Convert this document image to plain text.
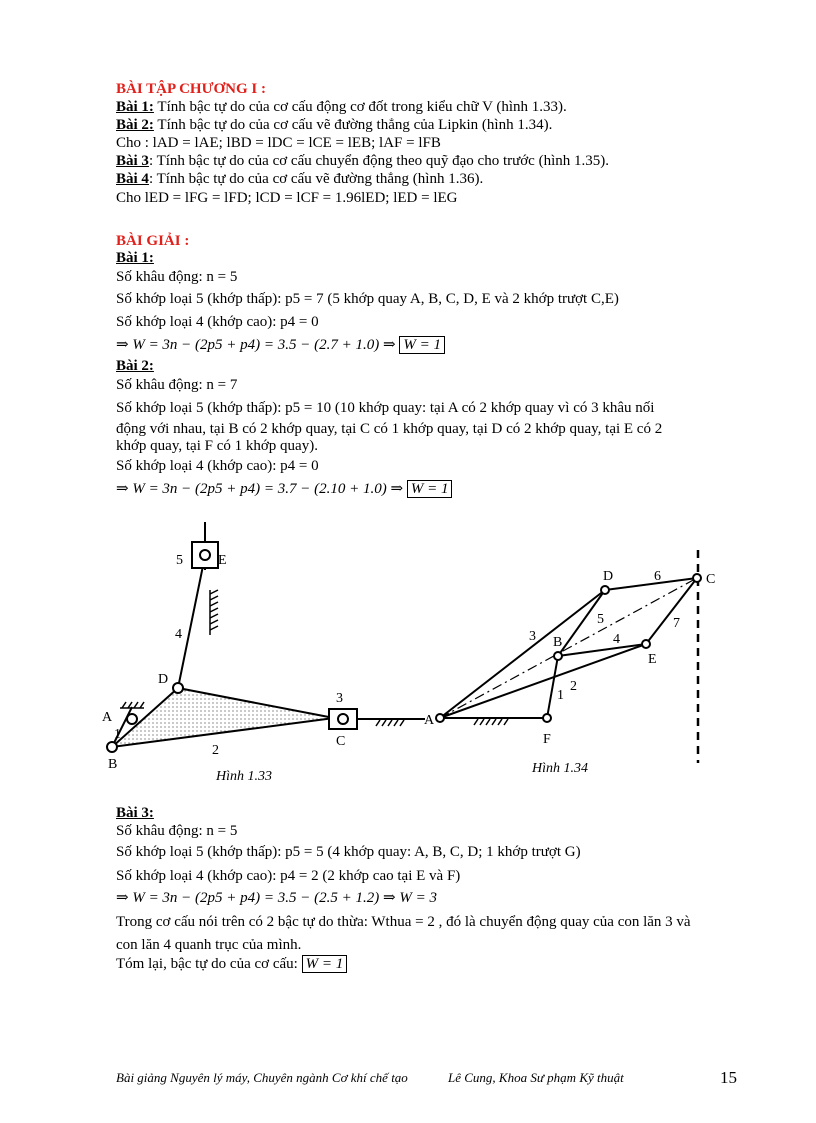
BÀI TẬP CHƯƠNG I :
Bài 1: Tính bậc tự do của cơ cấu động cơ đốt trong kiểu chữ V (hình 1.33).
Bài 2: Tính bậc tự do của cơ cấu vẽ đường thẳng của Lipkin (hình 1.34).
Cho : lAD = lAE; lBD = lDC = lCE = lEB; lAF = lFB
Bài 3: Tính bậc tự do của cơ cấu chuyển động theo quỹ đạo cho trước (hình 1.35).
Bài 4: Tính bậc tự do của cơ cấu vẽ đường thẳng (hình 1.36).
Cho lED = lFG = lFD; lCD = lCF = 1.96lED; lED = lEG
BÀI GIẢI :
Bài 1:
Số khâu động: n = 5
Số khớp loại 5 (khớp thấp): p5 = 7 (5 khớp quay A, B, C, D, E và 2 khớp trượt C,E)
Số khớp loại 4 (khớp cao): p4 = 0
⇒ W = 3n − (2p5 + p4) = 3.5 − (2.7 + 1.0) ⇒ W = 1
Bài 2:
Số khâu động: n = 7
Số khớp loại 5 (khớp thấp): p5 = 10 (10 khớp quay: tại A có 2 khớp quay vì có 3 khâu nối
động với nhau, tại B có 2 khớp quay, tại C có 1 khớp quay, tại D có 2 khớp quay, tại E có 2
khớp quay, tại F có 1 khớp quay).
Số khớp loại 4 (khớp cao): p4 = 0
⇒ W = 3n − (2p5 + p4) = 3.7 − (2.10 + 1.0) ⇒ W = 1
A
B
C
D
E
1
2
3
4
5
Hình 1.33
A
B
C
D
E
F
1
2
3	4
5
6
7
Hình 1.34
Bài 3:
Số khâu động: n = 5
Số khớp loại 5 (khớp thấp): p5 = 5 (4 khớp quay: A, B, C, D; 1 khớp trượt G)
Số khớp loại 4 (khớp cao): p4 = 2 (2 khớp cao tại E và F)
⇒ W = 3n − (2p5 + p4) = 3.5 − (2.5 + 1.2) ⇒ W = 3
Trong cơ cấu nói trên có 2 bậc tự do thừa: Wthua = 2 , đó là chuyển động quay của con lăn 3 và
con lăn 4 quanh trục của mình.
Tóm lại, bậc tự do của cơ cấu: W = 1
Bài giảng Nguyên lý máy, Chuyên ngành Cơ khí chế tạo	Lê Cung, Khoa Sư phạm Kỹ thuật	15
